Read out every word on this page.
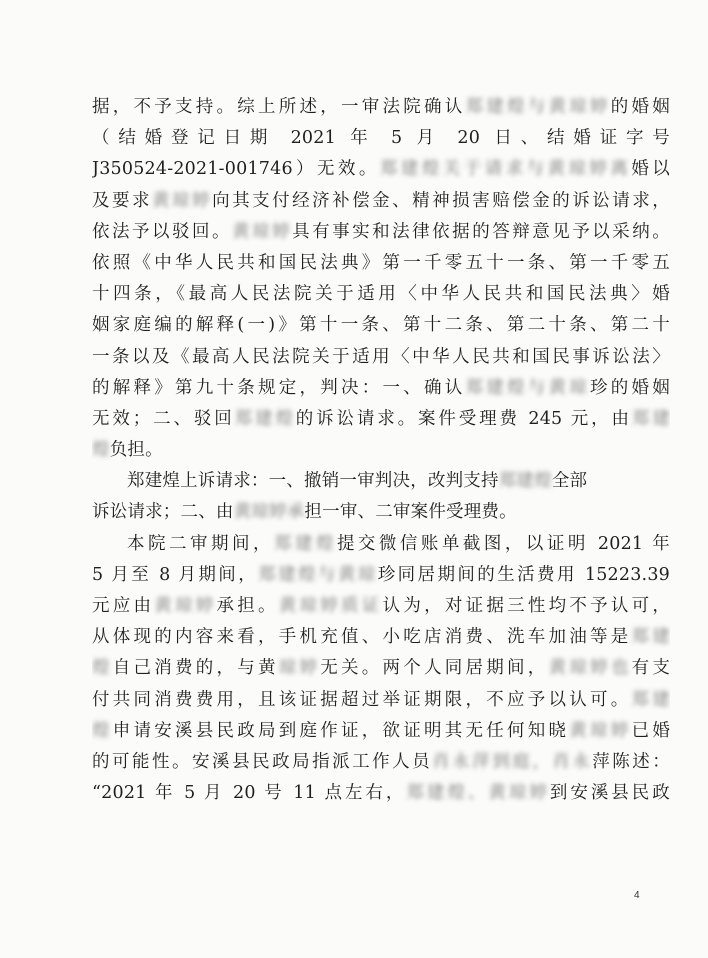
据，不予支持。综上所述，一审法院确认郑建煌与黄琼婷的婚姻
（结婚登记日期 2021 年 5 月 20 日、结婚证字号
J350524-2021-001746）无效。郑建煌关于请求与黄琼婷离婚以
及要求黄琼婷向其支付经济补偿金、精神损害赔偿金的诉讼请求，
依法予以驳回。黄琼婷具有事实和法律依据的答辩意见予以采纳。
依照《中华人民共和国民法典》第一千零五十一条、第一千零五
十四条，《最高人民法院关于适用〈中华人民共和国民法典〉婚
姻家庭编的解释(一)》第十一条、第十二条、第二十条、第二十
一条以及《最高人民法院关于适用〈中华人民共和国民事诉讼法〉
的解释》第九十条规定，判决：一、确认郑建煌与黄琼珍的婚姻
无效；二、驳回郑建煌的诉讼请求。案件受理费 245 元，由郑建
煌负担。
郑建煌上诉请求：一、撤销一审判决，改判支持郑建煌全部
诉讼请求；二、由黄琼婷承担一审、二审案件受理费。
本院二审期间，郑建煌提交微信账单截图，以证明 2021 年
5 月至 8 月期间，郑建煌与黄琼珍同居期间的生活费用 15223.39
元应由黄琼婷承担。黄琼婷质证认为，对证据三性均不予认可，
从体现的内容来看，手机充值、小吃店消费、洗车加油等是郑建
煌自己消费的，与黄琼婷无关。两个人同居期间，黄琼婷也有支
付共同消费费用，且该证据超过举证期限，不应予以认可。郑建
煌申请安溪县民政局到庭作证，欲证明其无任何知晓黄琼婷已婚
的可能性。安溪县民政局指派工作人员肖永萍到庭，肖永萍陈述：
“2021 年 5 月 20 号 11 点左右，郑建煌、黄琼婷到安溪县民政
4
